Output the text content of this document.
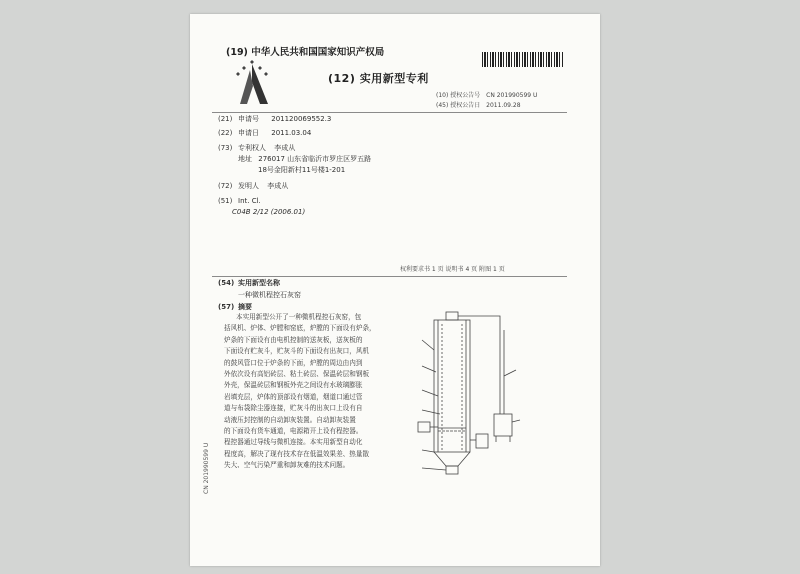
(19) 中华人民共和国国家知识产权局
(12) 实用新型专利
(10) 授权公告号 CN 201990599 U
(45) 授权公告日 2011.09.28
(21) 申请号 201120069552.3
(22) 申请日 2011.03.04
(73) 专利权人 李成从
地址 276017 山东省临沂市罗庄区罗五路
18号金阳新村11号楼1-201
(72) 发明人 李成从
(51) Int. Cl.
C04B 2/12 (2006.01)
权利要求书 1 页 说明书 4 页 附图 1 页
(54) 实用新型名称
一种微机程控石灰窑
(57) 摘要

本实用新型公开了一种微机程控石灰窑，包

括风机、炉体、炉膛和窑底，炉膛的下面设有炉条，

炉条的下面设有由电机控制的送灰板，送灰板的

下面设有贮灰斗，贮灰斗的下面设有出灰口，风机

的鼓风管口位于炉条的下面，炉膛的周边由内到

外依次设有高铝砖层、粘土砖层、保温砖层和钢板

外壳，保温砖层和钢板外壳之间设有水玻璃膨胀

岩填充层，炉体的顶部设有烟道，烟道口通过管

道与布袋除尘器连接，贮灰斗的出灰口上设有自

动液压封控制的自动卸灰装置。自动卸灰装置

的下面设有货车通道，电源箱开上设有程控器。

程控器通过导线与微机连接。本实用新型自动化

程度高，解决了现有技术存在低温效果差、热量散

失大、空气污染严重和卸灰难的技术问题。

CN 201990599 U
